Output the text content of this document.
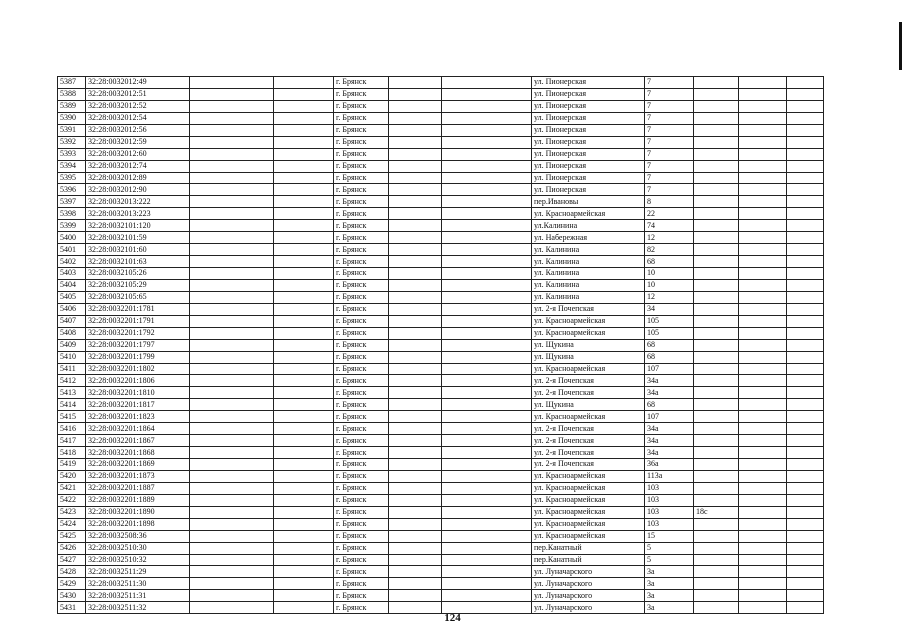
5387	32:28:0032012:49			г. Брянск			ул. Пионерская	7			
5388	32:28:0032012:51			г. Брянск			ул. Пионерская	7			
5389	32:28:0032012:52			г. Брянск			ул. Пионерская	7			
5390	32:28:0032012:54			г. Брянск			ул. Пионерская	7			
5391	32:28:0032012:56			г. Брянск			ул. Пионерская	7			
5392	32:28:0032012:59			г. Брянск			ул. Пионерская	7			
5393	32:28:0032012:60			г. Брянск			ул. Пионерская	7			
5394	32:28:0032012:74			г. Брянск			ул. Пионерская	7			
5395	32:28:0032012:89			г. Брянск			ул. Пионерская	7			
5396	32:28:0032012:90			г. Брянск			ул. Пионерская	7			
5397	32:28:0032013:222			г. Брянск			пер.Ивановы	8			
5398	32:28:0032013:223			г. Брянск			ул. Красноармейская	22			
5399	32:28:0032101:120			г. Брянск			ул.Калинина	74			
5400	32:28:0032101:59			г. Брянск			ул. Набережная	12			
5401	32:28:0032101:60			г. Брянск			ул. Калинина	82			
5402	32:28:0032101:63			г. Брянск			ул. Калинина	68			
5403	32:28:0032105:26			г. Брянск			ул. Калинина	10			
5404	32:28:0032105:29			г. Брянск			ул. Калинина	10			
5405	32:28:0032105:65			г. Брянск			ул. Калинина	12			
5406	32:28:0032201:1781			г. Брянск			ул. 2-я Почепская	34			
5407	32:28:0032201:1791			г. Брянск			ул. Красноармейская	105			
5408	32:28:0032201:1792			г. Брянск			ул. Красноармейская	105			
5409	32:28:0032201:1797			г. Брянск			ул. Щукина	68			
5410	32:28:0032201:1799			г. Брянск			ул. Щукина	68			
5411	32:28:0032201:1802			г. Брянск			ул. Красноармейская	107			
5412	32:28:0032201:1806			г. Брянск			ул. 2-я Почепская	34а			
5413	32:28:0032201:1810			г. Брянск			ул. 2-я Почепская	34а			
5414	32:28:0032201:1817			г. Брянск			ул. Щукина	68			
5415	32:28:0032201:1823			г. Брянск			ул. Красноармейская	107			
5416	32:28:0032201:1864			г. Брянск			ул. 2-я Почепская	34а			
5417	32:28:0032201:1867			г. Брянск			ул. 2-я Почепская	34а			
5418	32:28:0032201:1868			г. Брянск			ул. 2-я Почепская	34а			
5419	32:28:0032201:1869			г. Брянск			ул. 2-я Почепская	36а			
5420	32:28:0032201:1873			г. Брянск			ул. Красноармейская	113а			
5421	32:28:0032201:1887			г. Брянск			ул. Красноармейская	103			
5422	32:28:0032201:1889			г. Брянск			ул. Красноармейская	103			
5423	32:28:0032201:1890			г. Брянск			ул. Красноармейская	103	18с		
5424	32:28:0032201:1898			г. Брянск			ул. Красноармейская	103			
5425	32:28:0032508:36			г. Брянск			ул. Красноармейская	15			
5426	32:28:0032510:30			г. Брянск			пер.Канатный	5			
5427	32:28:0032510:32			г. Брянск			пер.Канатный	5			
5428	32:28:0032511:29			г. Брянск			ул. Луначарского	3а			
5429	32:28:0032511:30			г. Брянск			ул. Луначарского	3а			
5430	32:28:0032511:31			г. Брянск			ул. Луначарского	3а			
5431	32:28:0032511:32			г. Брянск			ул. Луначарского	3а			
124
